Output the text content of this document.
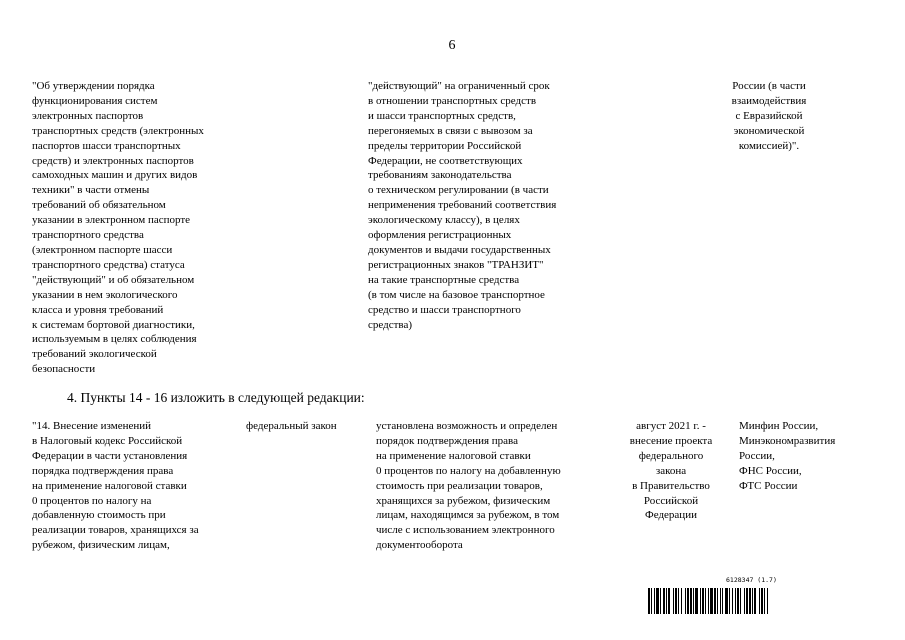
6
"Об утверждении порядка
функционирования систем
электронных паспортов
транспортных средств (электронных
паспортов шасси транспортных
средств) и электронных паспортов
самоходных машин и других видов
техники" в части отмены
требований об обязательном
указании в электронном паспорте
транспортного средства
(электронном паспорте шасси
транспортного средства) статуса
"действующий" и об обязательном
указании в нем экологического
класса и уровня требований
к системам бортовой диагностики,
используемым в целях соблюдения
требований экологической
безопасности
"действующий" на ограниченный срок
в отношении транспортных средств
и шасси транспортных средств,
перегоняемых в связи с вывозом за
пределы территории Российской
Федерации, не соответствующих
требованиям законодательства
о техническом регулировании (в части
неприменения требований соответствия
экологическому классу), в целях
оформления регистрационных
документов и выдачи государственных
регистрационных знаков "ТРАНЗИТ"
на такие транспортные средства
(в том числе на базовое транспортное
средство и шасси транспортного
средства)
России (в части
взаимодействия
с Евразийской
экономической
комиссией)".
4. Пункты 14 - 16 изложить в следующей редакции:
"14. Внесение изменений
в Налоговый кодекс Российской
Федерации в части установления
порядка подтверждения права
на применение налоговой ставки
0 процентов по налогу на
добавленную стоимость при
реализации товаров, хранящихся за
рубежом, физическим лицам,
федеральный закон	установлена возможность и определен
порядок подтверждения права
на применение налоговой ставки
0 процентов по налогу на добавленную
стоимость при реализации товаров,
хранящихся за рубежом, физическим
лицам, находящимся за рубежом, в том
числе с использованием электронного
документооборота
август 2021 г. -
внесение проекта
федерального
закона
в Правительство
Российской
Федерации
Минфин России,
Минэкономразвития
России,
ФНС России,
ФТС России
6128347 (1.7)
